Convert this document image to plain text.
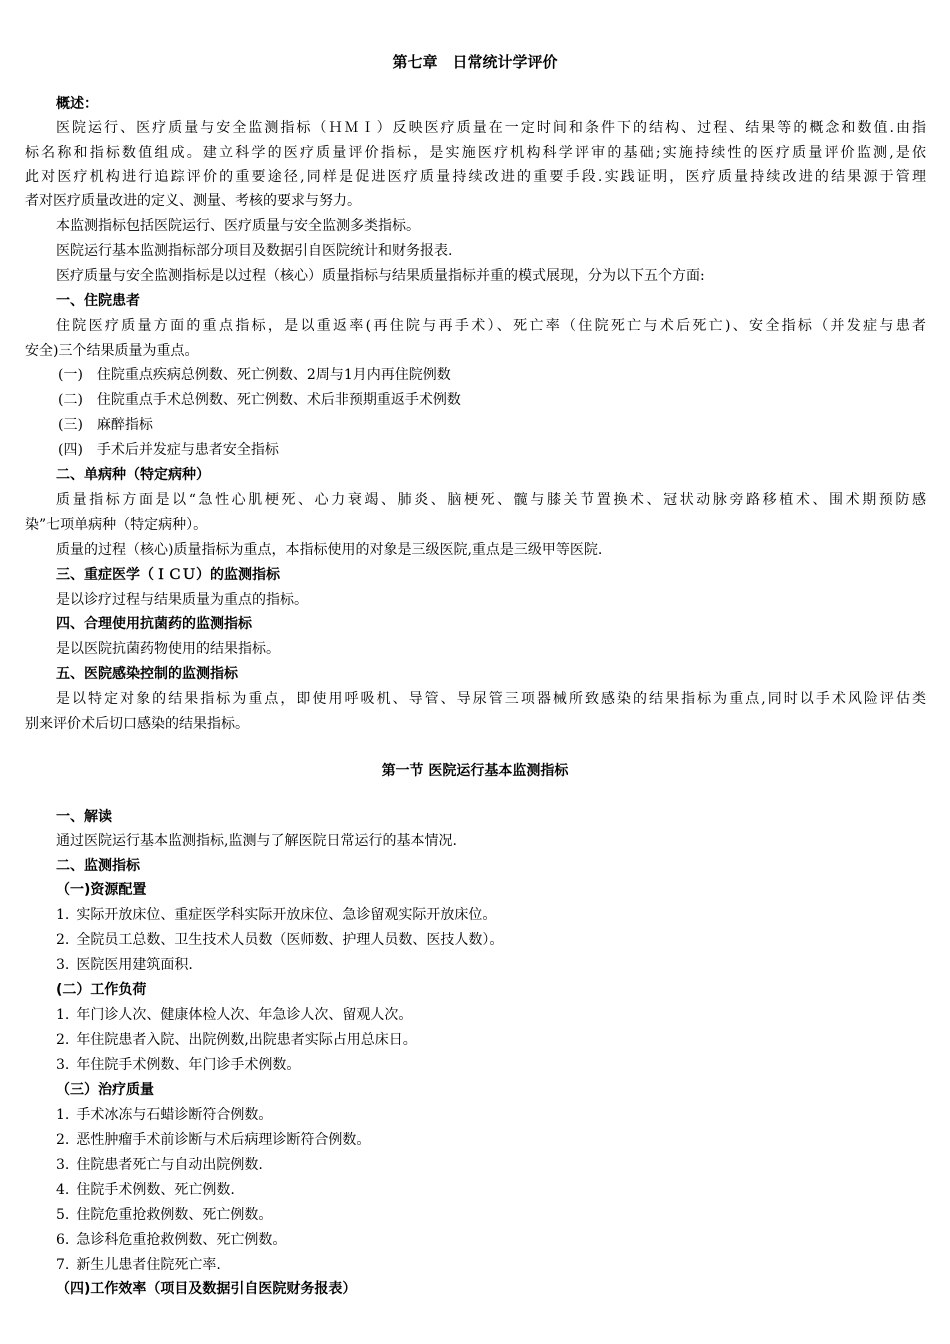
第七章　日常统计学评价
概述：
医院运行、医疗质量与安全监测指标（ＨＭＩ）反映医疗质量在一定时间和条件下的结构、过程、结果等的概念和数值.由指
标名称和指标数值组成。建立科学的医疗质量评价指标，是实施医疗机构科学评审的基础;实施持续性的医疗质量评价监测,是依
此对医疗机构进行追踪评价的重要途径,同样是促进医疗质量持续改进的重要手段.实践证明，医疗质量持续改进的结果源于管理
者对医疗质量改进的定义、测量、考核的要求与努力。
本监测指标包括医院运行、医疗质量与安全监测多类指标。
医院运行基本监测指标部分项目及数据引自医院统计和财务报表.
医疗质量与安全监测指标是以过程（核心）质量指标与结果质量指标并重的模式展现，分为以下五个方面:
一、住院患者
住院医疗质量方面的重点指标，是以重返率(再住院与再手术）、死亡率（住院死亡与术后死亡)、安全指标（并发症与患者
安全)三个结果质量为重点。
(一) 住院重点疾病总例数、死亡例数、2周与1月内再住院例数
(二) 住院重点手术总例数、死亡例数、术后非预期重返手术例数
(三) 麻醉指标
(四) 手术后并发症与患者安全指标
二、单病种（特定病种）
质量指标方面是以“急性心肌梗死、心力衰竭、肺炎、脑梗死、髋与膝关节置换术、冠状动脉旁路移植术、围术期预防感
染”七项单病种（特定病种）。
质量的过程（核心)质量指标为重点，本指标使用的对象是三级医院,重点是三级甲等医院.
三、重症医学（ＩＣＵ）的监测指标
是以诊疗过程与结果质量为重点的指标。
四、合理使用抗菌药的监测指标
是以医院抗菌药物使用的结果指标。
五、医院感染控制的监测指标
是以特定对象的结果指标为重点，即使用呼吸机、导管、导尿管三项器械所致感染的结果指标为重点,同时以手术风险评估类
别来评价术后切口感染的结果指标。
第一节 医院运行基本监测指标
一、解读
通过医院运行基本监测指标,监测与了解医院日常运行的基本情况.
二、监测指标
（一)资源配置
1. 实际开放床位、重症医学科实际开放床位、急诊留观实际开放床位。
2. 全院员工总数、卫生技术人员数（医师数、护理人员数、医技人数）。
3. 医院医用建筑面积.
(二）工作负荷
1. 年门诊人次、健康体检人次、年急诊人次、留观人次。
2. 年住院患者入院、出院例数,出院患者实际占用总床日。
3. 年住院手术例数、年门诊手术例数。
（三）治疗质量
1. 手术冰冻与石蜡诊断符合例数。
2. 恶性肿瘤手术前诊断与术后病理诊断符合例数。
3. 住院患者死亡与自动出院例数.
4. 住院手术例数、死亡例数.
5. 住院危重抢救例数、死亡例数。
6. 急诊科危重抢救例数、死亡例数。
7. 新生儿患者住院死亡率.
（四)工作效率（项目及数据引自医院财务报表）
